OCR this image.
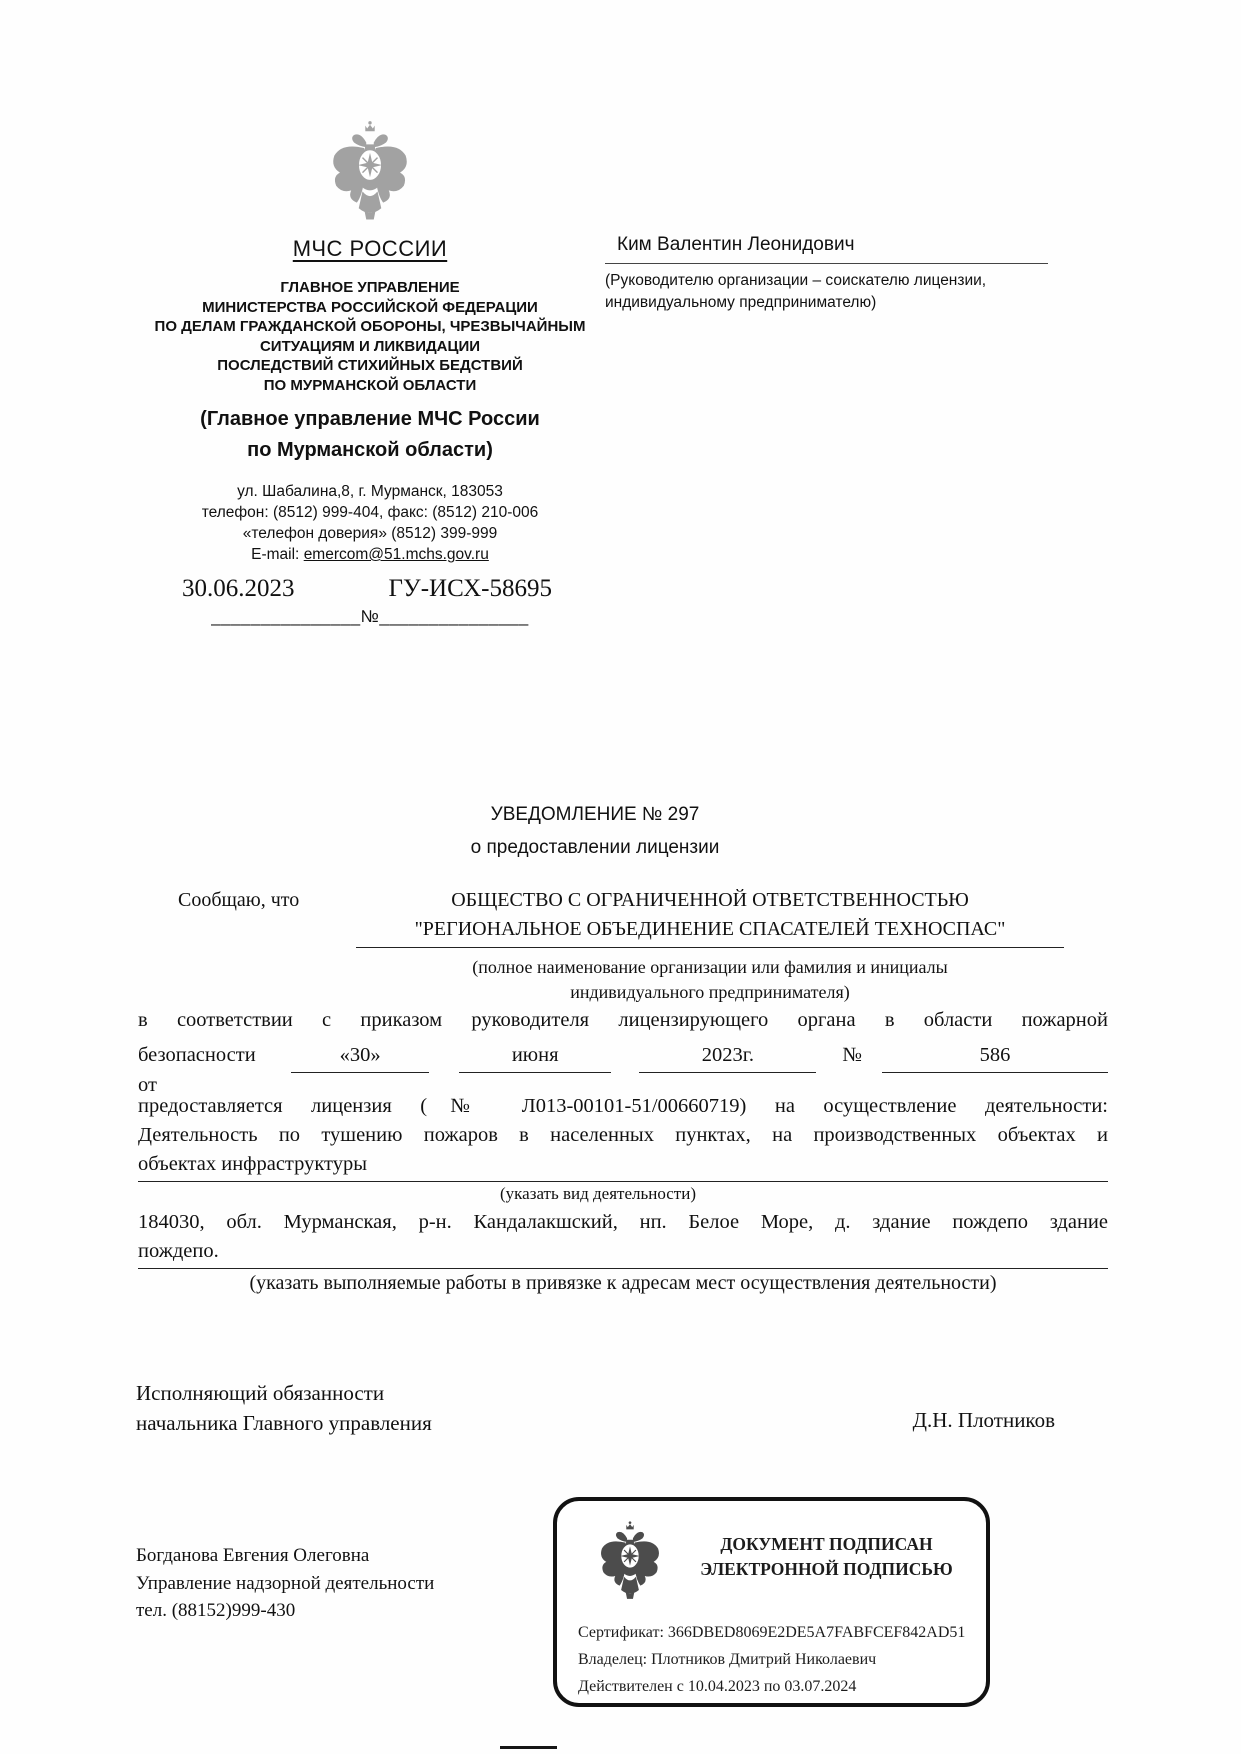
МЧС РОССИИ
ГЛАВНОЕ УПРАВЛЕНИЕ
МИНИСТЕРСТВА РОССИЙСКОЙ ФЕДЕРАЦИИ
ПО ДЕЛАМ ГРАЖДАНСКОЙ ОБОРОНЫ, ЧРЕЗВЫЧАЙНЫМ
СИТУАЦИЯМ И ЛИКВИДАЦИИ
ПОСЛЕДСТВИЙ СТИХИЙНЫХ БЕДСТВИЙ
ПО МУРМАНСКОЙ ОБЛАСТИ
(Главное управление МЧС России
по Мурманской области)
ул. Шабалина,8, г. Мурманск, 183053
телефон: (8512) 999-404, факс: (8512) 210-006
«телефон доверия» (8512) 399-999
E-mail: emercom@51.mchs.gov.ru
30.06.2023	ГУ-ИСХ-58695
_______________№_______________
Ким Валентин Леонидович
(Руководителю организации – соискателю лицензии,
индивидуальному предпринимателю)
УВЕДОМЛЕНИЕ № 297
о предоставлении лицензии
Сообщаю, что	ОБЩЕСТВО С ОГРАНИЧЕННОЙ ОТВЕТСТВЕННОСТЬЮ
"РЕГИОНАЛЬНОЕ ОБЪЕДИНЕНИЕ СПАСАТЕЛЕЙ ТЕХНОСПАС"
(полное наименование организации или фамилия и инициалы
индивидуального предпринимателя)
в соответствии с приказом руководителя лицензирующего органа в области пожарной
безопасности от
«30»	июня	2023г.	№	586
предоставляется лицензия (№ Л013-00101-51/00660719) на осуществление деятельности:
Деятельность по тушению пожаров в населенных пунктах, на производственных объектах и
объектах инфраструктуры
(указать вид деятельности)
184030, обл. Мурманская, р-н. Кандалакшский, нп. Белое Море, д. здание пождепо здание
пождепо.
(указать выполняемые работы в привязке к адресам мест осуществления деятельности)
Исполняющий обязанности
начальника Главного управления	Д.Н. Плотников
Богданова Евгения Олеговна
Управление надзорной деятельности
тел. (88152)999-430
ДОКУМЕНТ ПОДПИСАН
ЭЛЕКТРОННОЙ ПОДПИСЬЮ
Сертификат: 366DBED8069E2DE5A7FABFCEF842AD51
Владелец: Плотников Дмитрий Николаевич
Действителен с 10.04.2023 по 03.07.2024
